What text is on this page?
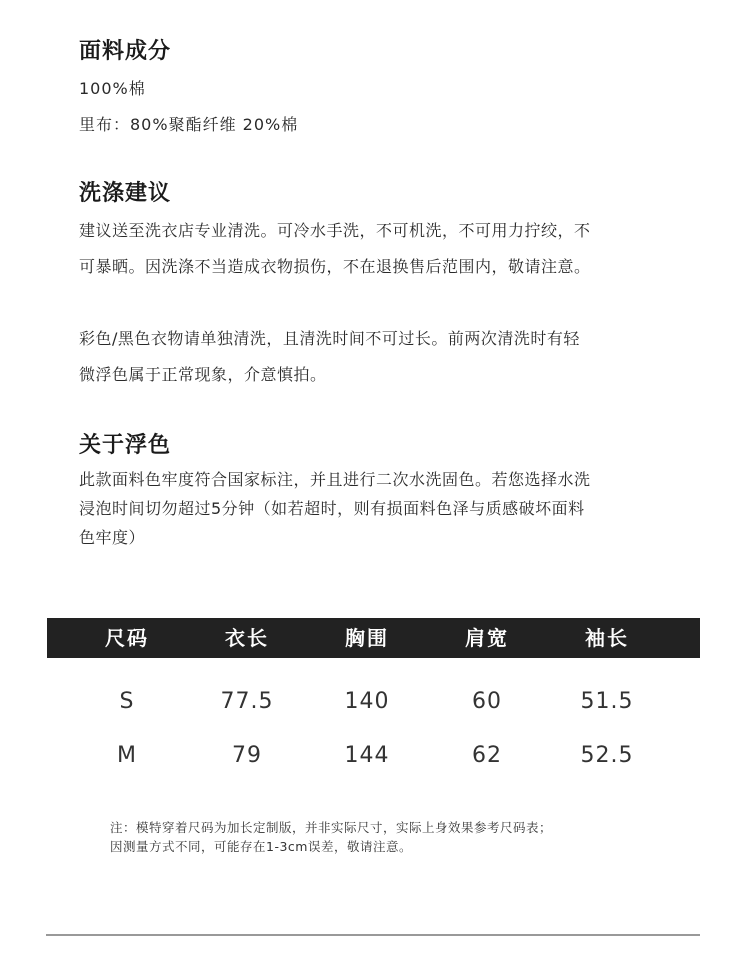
面料成分

100%棉

里布：80%聚酯纤维 20%棉

洗涤建议

建议送至洗衣店专业清洗。可冷水手洗，不可机洗，不可用力拧绞，不

可暴晒。因洗涤不当造成衣物损伤，不在退换售后范围内，敬请注意。

彩色/黑色衣物请单独清洗，且清洗时间不可过长。前两次清洗时有轻

微浮色属于正常现象，介意慎拍。

关于浮色

此款面料色牢度符合国家标注，并且进行二次水洗固色。若您选择水洗

浸泡时间切勿超过5分钟（如若超时，则有损面料色泽与质感破坏面料

色牢度）

尺码	衣长	胸围	肩宽	袖长
S	77.5	140	60	51.5
M	79	144	62	52.5

注：模特穿着尺码为加长定制版，并非实际尺寸，实际上身效果参考尺码表；

因测量方式不同，可能存在1-3cm误差，敬请注意。
